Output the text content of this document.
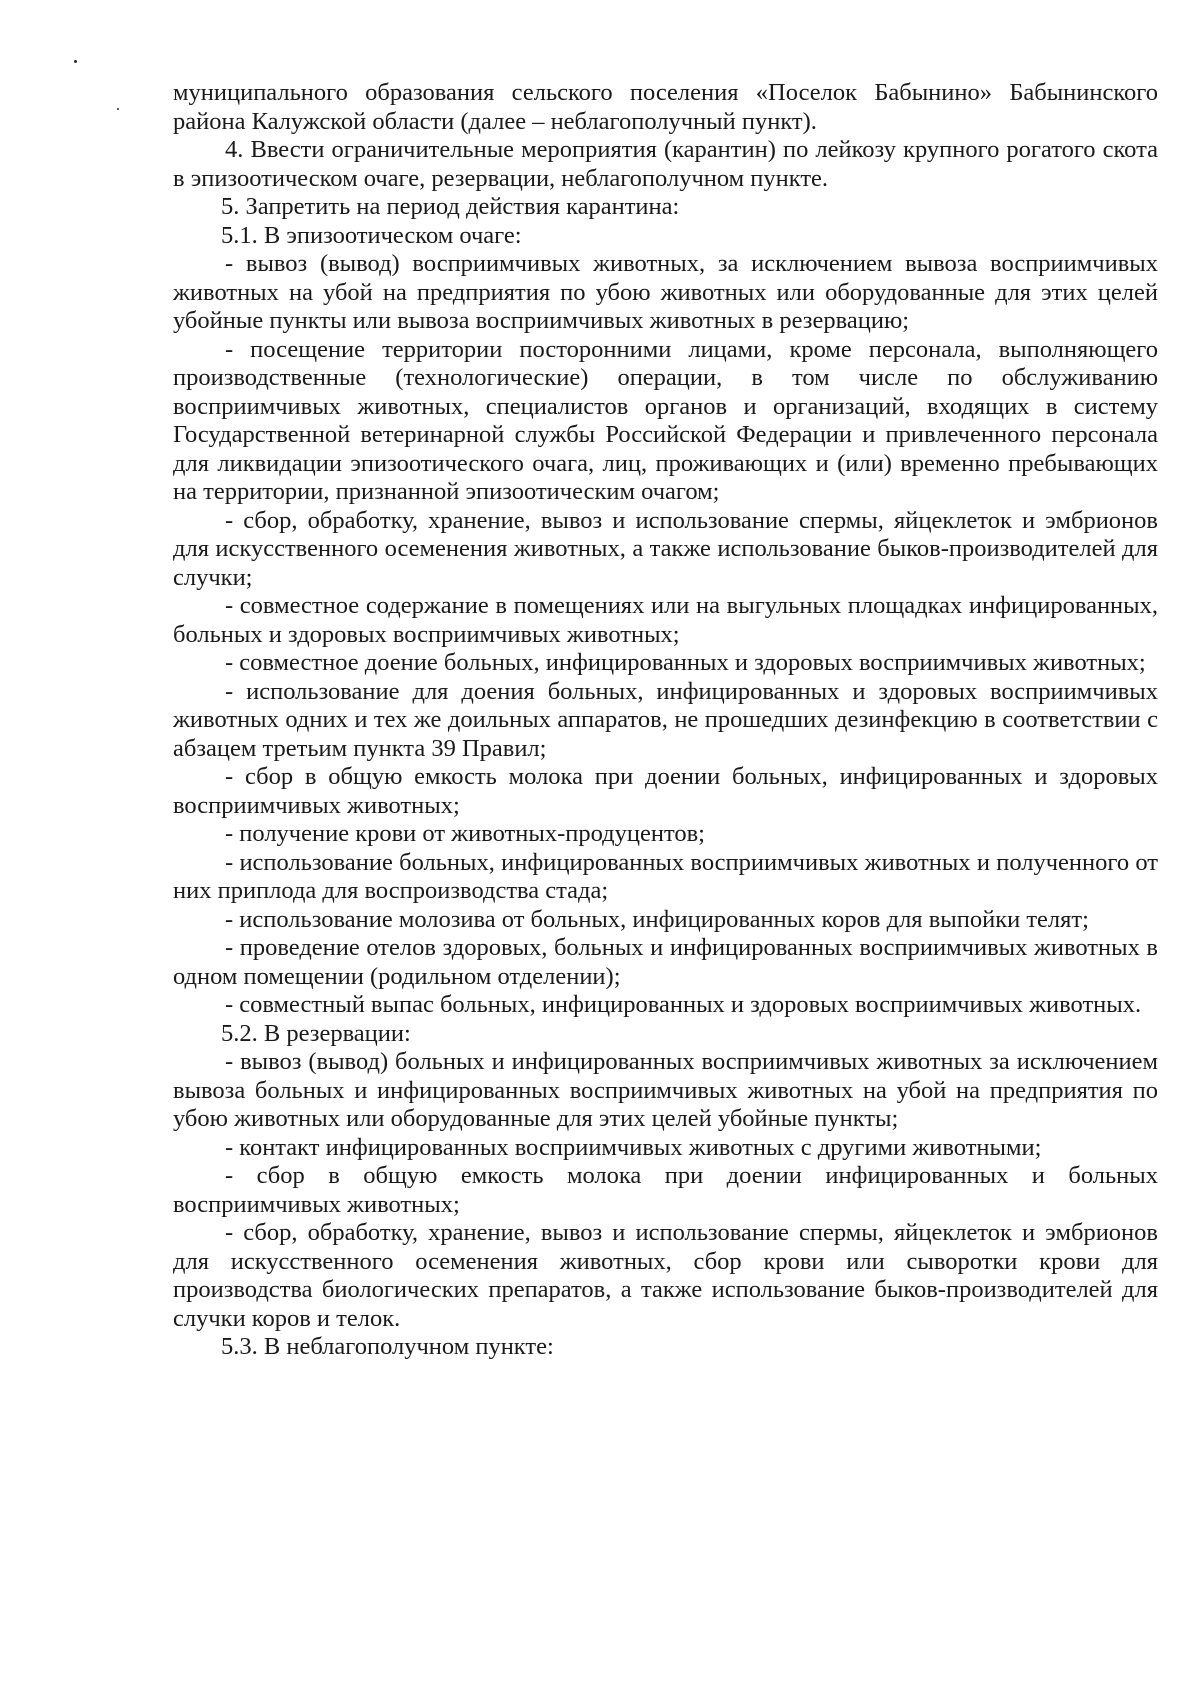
муниципального образования сельского поселения «Поселок Бабынино» Бабынинского района Калужской области (далее – неблагополучный пункт).

4. Ввести ограничительные мероприятия (карантин) по лейкозу крупного рогатого скота в эпизоотическом очаге, резервации, неблагополучном пункте.

5. Запретить на период действия карантина:

5.1. В эпизоотическом очаге:

- вывоз (вывод) восприимчивых животных, за исключением вывоза восприимчивых животных на убой на предприятия по убою животных или оборудованные для этих целей убойные пункты или вывоза восприимчивых животных в резервацию;

- посещение территории посторонними лицами, кроме персонала, выполняющего производственные (технологические) операции, в том числе по обслуживанию восприимчивых животных, специалистов органов и организаций, входящих в систему Государственной ветеринарной службы Российской Федерации и привлеченного персонала для ликвидации эпизоотического очага, лиц, проживающих и (или) временно пребывающих на территории, признанной эпизоотическим очагом;

- сбор, обработку, хранение, вывоз и использование спермы, яйцеклеток и эмбрионов для искусственного осеменения животных, а также использование быков-производителей для случки;

- совместное содержание в помещениях или на выгульных площадках инфицированных, больных и здоровых восприимчивых животных;

- совместное доение больных, инфицированных и здоровых восприимчивых животных;

- использование для доения больных, инфицированных и здоровых восприимчивых животных одних и тех же доильных аппаратов, не прошедших дезинфекцию в соответствии с абзацем третьим пункта 39 Правил;

- сбор в общую емкость молока при доении больных, инфицированных и здоровых восприимчивых животных;

- получение крови от животных-продуцентов;

- использование больных, инфицированных восприимчивых животных и полученного от них приплода для воспроизводства стада;

- использование молозива от больных, инфицированных коров для выпойки телят;

- проведение отелов здоровых, больных и инфицированных восприимчивых животных в одном помещении (родильном отделении);

- совместный выпас больных, инфицированных и здоровых восприимчивых животных.

5.2. В резервации:

- вывоз (вывод) больных и инфицированных восприимчивых животных за исключением вывоза больных и инфицированных восприимчивых животных на убой на предприятия по убою животных или оборудованные для этих целей убойные пункты;

- контакт инфицированных восприимчивых животных с другими животными;

- сбор в общую емкость молока при доении инфицированных и больных восприимчивых животных;

- сбор, обработку, хранение, вывоз и использование спермы, яйцеклеток и эмбрионов для искусственного осеменения животных, сбор крови или сыворотки крови для производства биологических препаратов, а также использование быков-производителей для случки коров и телок.

5.3. В неблагополучном пункте:
